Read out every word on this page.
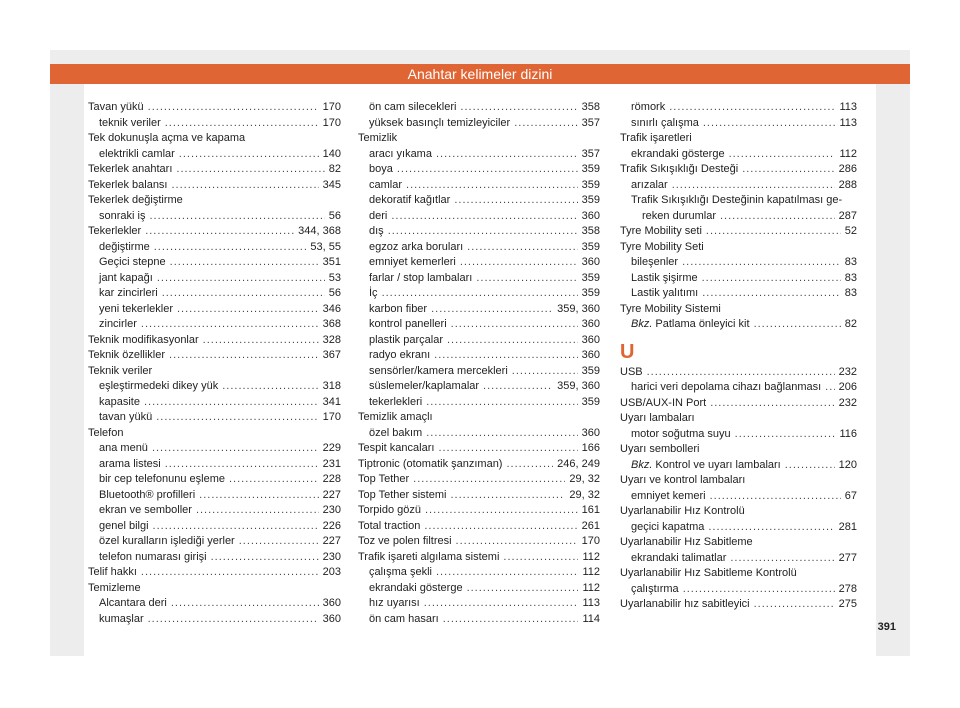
Anahtar kelimeler dizini
Tavan yükü .....	170
teknik veriler .....	170
Tek dokunuşla açma ve kapama
elektrikli camlar .....	140
Tekerlek anahtarı .....	82
Tekerlek balansı .....	345
Tekerlek değiştirme
sonraki iş .....	56
Tekerlekler .....	344, 368
değiştirme .....	53, 55
Geçici stepne .....	351
jant kapağı .....	53
kar zincirleri .....	56
yeni tekerlekler .....	346
zincirler .....	368
Teknik modifikasyonlar .....	328
Teknik özellikler .....	367
Teknik veriler
eşleştirmedeki dikey yük .....	318
kapasite .....	341
tavan yükü .....	170
Telefon
ana menü .....	229
arama listesi .....	231
bir cep telefonunu eşleme .....	228
Bluetooth® profilleri .....	227
ekran ve semboller .....	230
genel bilgi .....	226
özel kuralların işlediği yerler .....	227
telefon numarası girişi .....	230
Telif hakkı .....	203
Temizleme
Alcantara deri .....	360
kumaşlar .....	360
ön cam silecekleri .....	358
yüksek basınçlı temizleyiciler .....	357
Temizlik
aracı yıkama .....	357
boya .....	359
camlar .....	359
dekoratif kağıtlar .....	359
deri .....	360
dış .....	358
egzoz arka boruları .....	359
emniyet kemerleri .....	360
farlar / stop lambaları .....	359
İç .....	359
karbon fiber .....	359, 360
kontrol panelleri .....	360
plastik parçalar .....	360
radyo ekranı .....	360
sensörler/kamera mercekleri .....	359
süslemeler/kaplamalar .....	359, 360
tekerlekleri .....	359
Temizlik amaçlı
özel bakım .....	360
Tespit kancaları .....	166
Tiptronic (otomatik şanzıman) .....	246, 249
Top Tether .....	29, 32
Top Tether sistemi .....	29, 32
Torpido gözü .....	161
Total traction .....	261
Toz ve polen filtresi .....	170
Trafik işareti algılama sistemi .....	112
çalışma şekli .....	112
ekrandaki gösterge .....	112
hız uyarısı .....	113
ön cam hasarı .....	114
römork .....	113
sınırlı çalışma .....	113
Trafik işaretleri
ekrandaki gösterge .....	112
Trafik Sıkışıklığı Desteği .....	286
arızalar .....	288
Trafik Sıkışıklığı Desteğinin kapatılması ge-
reken durumlar .....	287
Tyre Mobility seti .....	52
Tyre Mobility Seti
bileşenler .....	83
Lastik şişirme .....	83
Lastik yalıtımı .....	83
Tyre Mobility Sistemi
Bkz. Patlama önleyici kit .....	82
U
USB .....	232
harici veri depolama cihazı bağlanması ..... 206
USB/AUX-IN Port .....	232
Uyarı lambaları
motor soğutma suyu .....	116
Uyarı sembolleri
Bkz. Kontrol ve uyarı lambaları .....	120
Uyarı ve kontrol lambaları
emniyet kemeri .....	67
Uyarlanabilir Hız Kontrolü
geçici kapatma .....	281
Uyarlanabilir Hız Sabitleme
ekrandaki talimatlar .....	277
Uyarlanabilir Hız Sabitleme Kontrolü
çalıştırma .....	278
Uyarlanabilir hız sabitleyici .....	275
391
